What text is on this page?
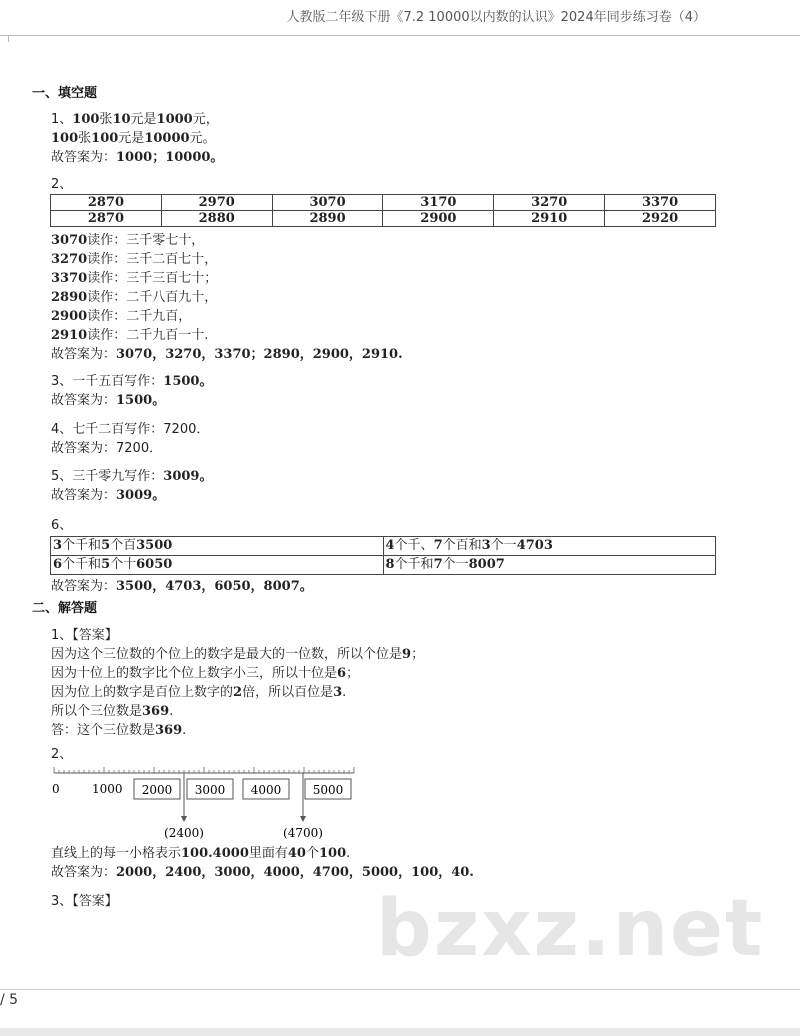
人教版二年级下册《7.2 10000以内数的认识》2024年同步练习卷（4）
一、填空题
1、100张10元是1000元，
100张100元是10000元。
故答案为：1000；10000。
2、
2870	2970	3070	3170	3270	3370
2870	2880	2890	2900	2910	2920
3070读作：三千零七十，
3270读作：三千二百七十，
3370读作：三千三百七十；
2890读作：二千八百九十，
2900读作：二千九百，
2910读作：二千九百一十.
故答案为：3070，3270，3370；2890，2900，2910.
3、一千五百写作：1500。
故答案为：1500。
4、七千二百写作：7200．
故答案为：7200．
5、三千零九写作：3009。
故答案为：3009。
6、
3个千和5个百3500	4个千、7个百和3个一4703
6个千和5个十6050	8个千和7个一8007
故答案为：3500，4703，6050，8007。
二、解答题
1、【答案】
因为这个三位数的个位上的数字是最大的一位数，所以个位是9；
因为十位上的数字比个位上数字小三，所以十位是6；
因为位上的数字是百位上数字的2倍，所以百位是3.
所以个三位数是369.
答：这个三位数是369.
2、
0	1000 2000 3000 4000	5000
(2400)	(4700)
直线上的每一小格表示100.4000里面有40个100.
故答案为：2000，2400，3000，4000，4700，5000，100，40.
3、【答案】	bzxz.net
/ 5
